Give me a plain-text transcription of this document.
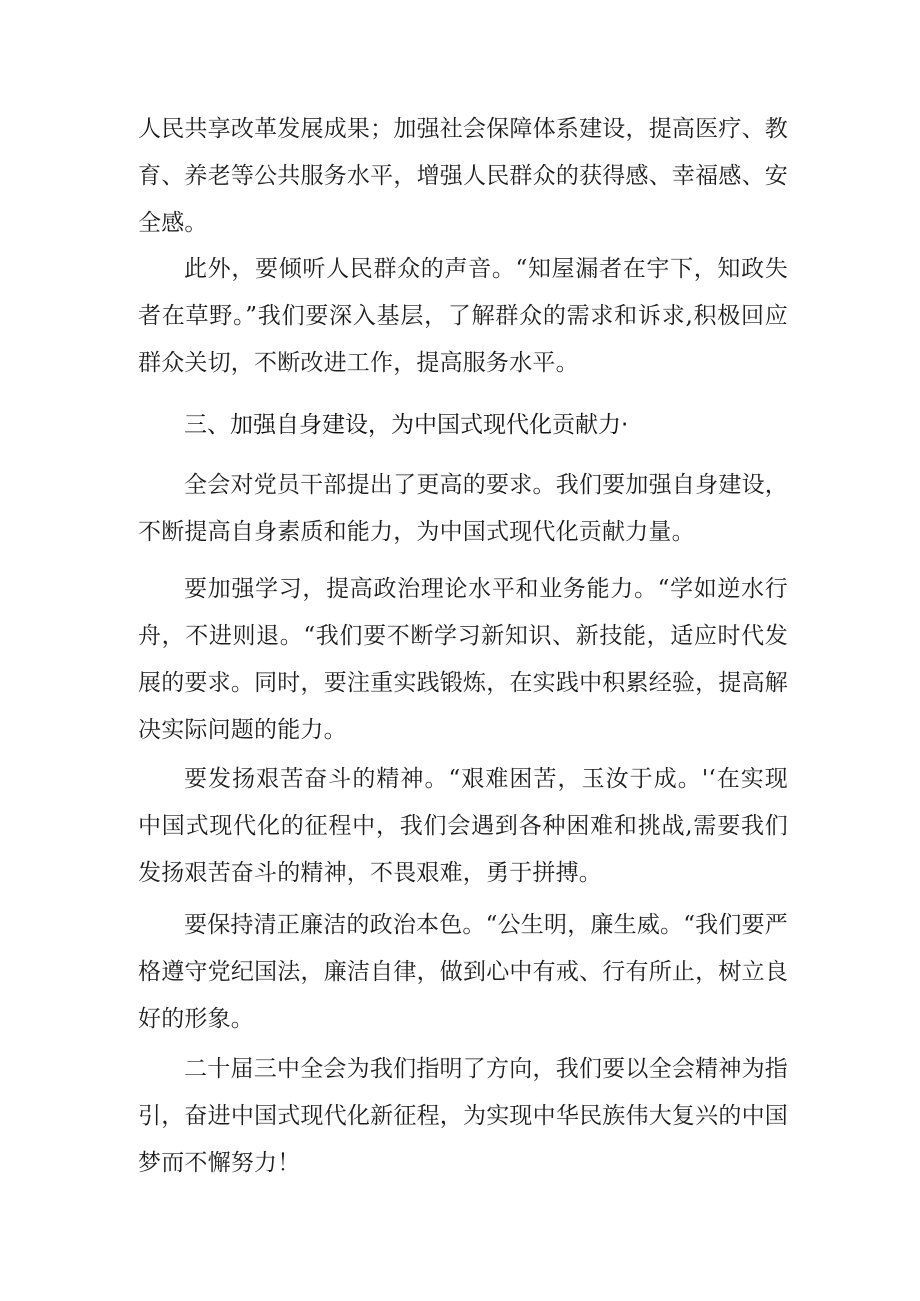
人民共享改革发展成果；加强社会保障体系建设，提高医疗、教育、养老等公共服务水平，增强人民群众的获得感、幸福感、安全感。

此外，要倾听人民群众的声音。“知屋漏者在宇下，知政失者在草野。”我们要深入基层，了解群众的需求和诉求,积极回应群众关切，不断改进工作，提高服务水平。

三、加强自身建设，为中国式现代化贡献力·

全会对党员干部提出了更高的要求。我们要加强自身建设，不断提高自身素质和能力，为中国式现代化贡献力量。

要加强学习，提高政治理论水平和业务能力。“学如逆水行舟，不进则退。“我们要不断学习新知识、新技能，适应时代发展的要求。同时，要注重实践锻炼，在实践中积累经验，提高解决实际问题的能力。

要发扬艰苦奋斗的精神。“艰难困苦，玉汝于成。'‘在实现中国式现代化的征程中，我们会遇到各种困难和挑战,需要我们发扬艰苦奋斗的精神，不畏艰难，勇于拼搏。

要保持清正廉洁的政治本色。“公生明，廉生威。“我们要严格遵守党纪国法，廉洁自律，做到心中有戒、行有所止，树立良好的形象。

二十届三中全会为我们指明了方向，我们要以全会精神为指引，奋进中国式现代化新征程，为实现中华民族伟大复兴的中国梦而不懈努力！
